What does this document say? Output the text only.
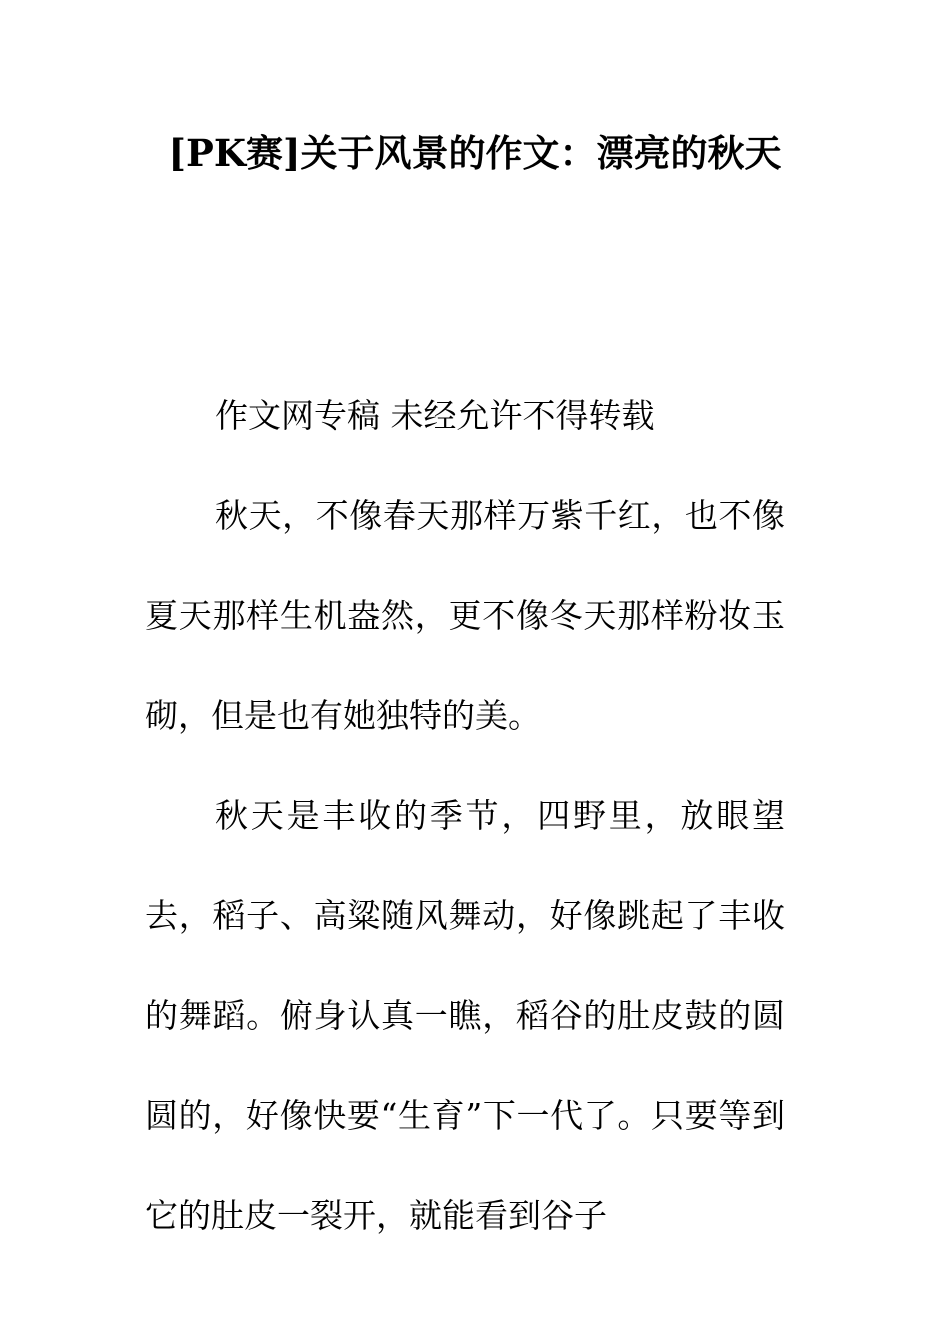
[PK赛]关于风景的作文：漂亮的秋天

作文网专稿 未经允许不得转载

秋天，不像春天那样万紫千红，也不像夏天那样生机盎然，更不像冬天那样粉妆玉砌，但是也有她独特的美。

秋天是丰收的季节，四野里，放眼望去，稻子、高粱随风舞动，好像跳起了丰收的舞蹈。俯身认真一瞧，稻谷的肚皮鼓的圆圆的，好像快要“生育”下一代了。只要等到它的肚皮一裂开，就能看到谷子
